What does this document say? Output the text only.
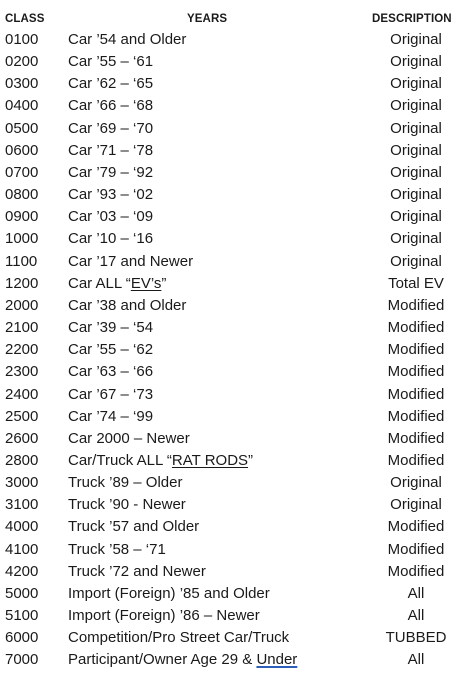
CLASS	YEARS	DESCRIPTION
0100 Car ’54 and Older	Original
0200 Car ’55 – ‘61	Original
0300 Car ’62 – ‘65	Original
0400 Car ’66 – ‘68	Original
0500 Car ’69 – ‘70	Original
0600 Car ’71 – ‘78	Original
0700 Car ’79 – ‘92	Original
0800 Car ’93 – ‘02	Original
0900 Car ’03 – ‘09	Original
1000 Car ’10 – ‘16	Original
1100 Car ’17 and Newer	Original
1200 Car ALL “EV’s”	Total EV
2000 Car ’38 and Older	Modified
2100 Car ’39 – ‘54	Modified
2200 Car ’55 – ‘62	Modified
2300 Car ’63 – ‘66	Modified
2400 Car ’67 – ‘73	Modified
2500 Car ’74 – ‘99	Modified
2600 Car 2000 – Newer	Modified
2800 Car/Truck ALL “RAT RODS”	Modified
3000 Truck ’89 – Older	Original
3100 Truck ’90 - Newer	Original
4000 Truck ’57 and Older	Modified
4100 Truck ’58 – ‘71	Modified
4200 Truck ’72 and Newer	Modified
5000 Import (Foreign) ’85 and Older	All
5100 Import (Foreign) ’86 – Newer	All
6000 Competition/Pro Street Car/Truck	TUBBED
7000 Participant/Owner Age 29 & Under	All
